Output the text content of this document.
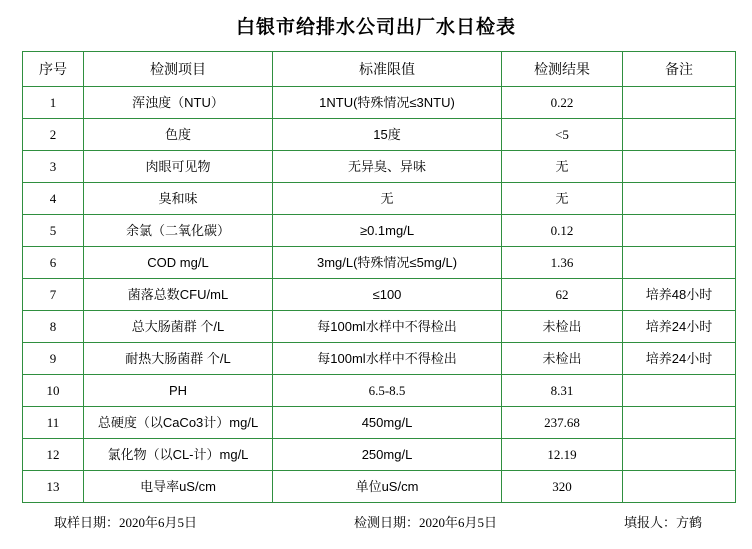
白银市给排水公司出厂水日检表
序号	检测项目	标准限值	检测结果	备注
1	浑浊度（NTU）	1NTU(特殊情况≤3NTU)	0.22	
2	色度	15度	<5	
3	肉眼可见物	无异臭、异味	无	
4	臭和味	无	无	
5	余氯（二氧化碳）	≥0.1mg/L	0.12	
6	COD mg/L	3mg/L(特殊情况≤5mg/L)	1.36	
7	菌落总数CFU/mL	≤100	62	培养48小时
8	总大肠菌群 个/L	每100ml水样中不得检出	未检出	培养24小时
9	耐热大肠菌群 个/L	每100ml水样中不得检出	未检出	培养24小时
10	PH	6.5-8.5	8.31	
11	总硬度（以CaCo3计）mg/L	450mg/L	237.68	
12	氯化物（以CL-计）mg/L	250mg/L	12.19	
13	电导率uS/cm	单位uS/cm	320	
取样日期：2020年6月5日	检测日期：2020年6月5日	填报人：方鹤
